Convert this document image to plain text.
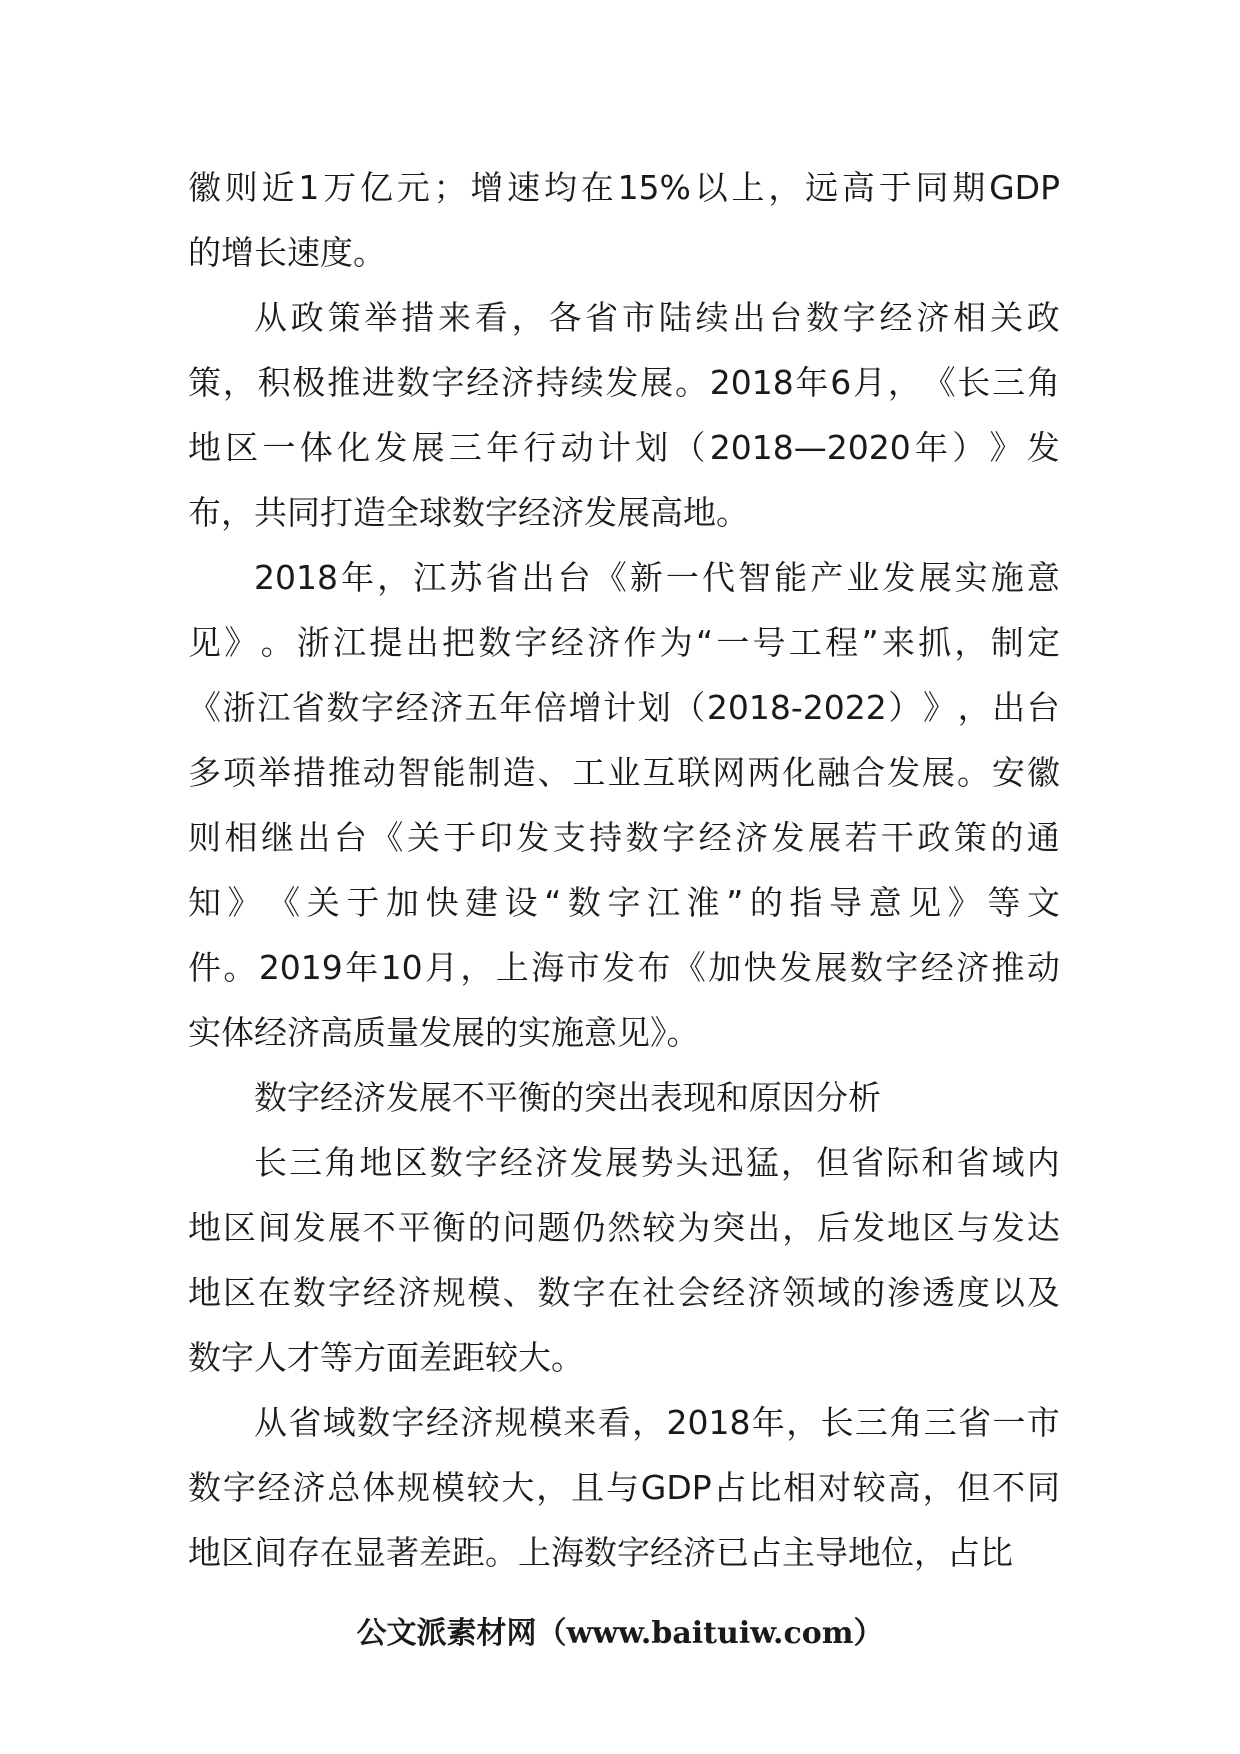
徽 则 近 1 万 亿 元 ； 增 速 均 在 15% 以 上 ， 远 高 于 同 期 GDP
的增长速度。
从 政 策 举 措 来 看 ， 各 省 市 陆 续 出 台 数 字 经 济 相 关 政
策 ， 积 极 推 进 数 字 经 济 持 续 发 展 。 2018 年 6 月 ， 《 长 三 角
地 区 一 体 化 发 展 三 年 行 动 计 划 （ 2018—2020 年 ） 》 发
布，共同打造全球数字经济发展高地。
2018 年 ， 江 苏 省 出 台 《 新 一 代 智 能 产 业 发 展 实 施 意
见 》 。 浙 江 提 出 把 数 字 经 济 作 为 “ 一 号 工 程 ” 来 抓 ， 制 定
《 浙 江 省 数 字 经 济 五 年 倍 增 计 划 （ 2018-2022 ） 》 ， 出 台
多 项 举 措 推 动 智 能 制 造 、 工 业 互 联 网 两 化 融 合 发 展 。 安 徽
则 相 继 出 台 《 关 于 印 发 支 持 数 字 经 济 发 展 若 干 政 策 的 通
知 》 《 关 于 加 快 建 设 “ 数 字 江 淮 ” 的 指 导 意 见 》 等 文
件 。 2019 年 10 月 ， 上 海 市 发 布 《 加 快 发 展 数 字 经 济 推 动
实体经济高质量发展的实施意见》。
数字经济发展不平衡的突出表现和原因分析
长 三 角 地 区 数 字 经 济 发 展 势 头 迅 猛 ， 但 省 际 和 省 域 内
地 区 间 发 展 不 平 衡 的 问 题 仍 然 较 为 突 出 ， 后 发 地 区 与 发 达
地 区 在 数 字 经 济 规 模 、 数 字 在 社 会 经 济 领 域 的 渗 透 度 以 及
数字人才等方面差距较大。
从 省 域 数 字 经 济 规 模 来 看 ， 2018 年 ， 长 三 角 三 省 一 市
数 字 经 济 总 体 规 模 较 大 ， 且 与 GDP 占 比 相 对 较 高 ， 但 不 同
地区间存在显著差距。上海数字经济已占主导地位，占比
公文派素材网（www.baituiw.com）
